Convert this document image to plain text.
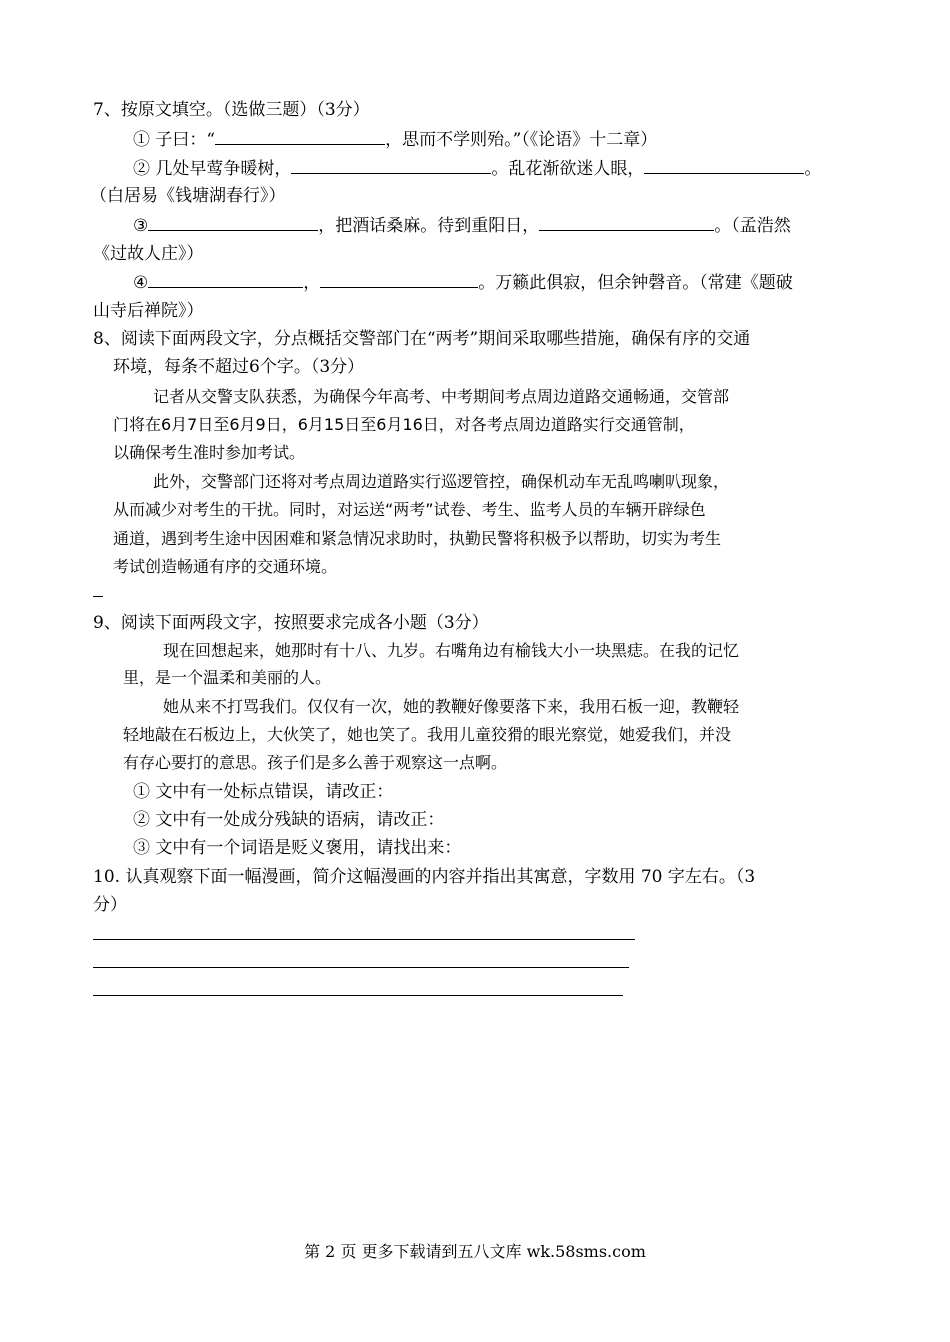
7、按原文填空。（选做三题）（3分）
① 子曰：“	，思而不学则殆。”（《论语》十二章）
② 几处早莺争暖树，	。乱花渐欲迷人眼，	。
（白居易《钱塘湖春行》）
③	，把酒话桑麻。待到重阳日，	。（孟浩然
《过故人庄》）
④	，	。万籁此俱寂，但余钟磬音。（常建《题破
山寺后禅院》）
8、阅读下面两段文字，分点概括交警部门在“两考”期间采取哪些措施，确保有序的交通
环境，每条不超过6个字。（3分）
记者从交警支队获悉，为确保今年高考、中考期间考点周边道路交通畅通，交管部
门将在6月7日至6月9日，6月15日至6月16日，对各考点周边道路实行交通管制，
以确保考生准时参加考试。
此外，交警部门还将对考点周边道路实行巡逻管控，确保机动车无乱鸣喇叭现象，
从而减少对考生的干扰。同时，对运送“两考”试卷、考生、监考人员的车辆开辟绿色
通道，遇到考生途中因困难和紧急情况求助时，执勤民警将积极予以帮助，切实为考生
考试创造畅通有序的交通环境。
9、阅读下面两段文字，按照要求完成各小题（3分）
现在回想起来，她那时有十八、九岁。右嘴角边有榆钱大小一块黑痣。在我的记忆
里，是一个温柔和美丽的人。
她从来不打骂我们。仅仅有一次，她的教鞭好像要落下来，我用石板一迎，教鞭轻
轻地敲在石板边上，大伙笑了，她也笑了。我用儿童狡猾的眼光察觉，她爱我们，并没
有存心要打的意思。孩子们是多么善于观察这一点啊。
① 文中有一处标点错误，请改正：
② 文中有一处成分残缺的语病，请改正：
③ 文中有一个词语是贬义褒用，请找出来：
10. 认真观察下面一幅漫画，简介这幅漫画的内容并指出其寓意，字数用 70 字左右。（3
分）
第 2 页 更多下载请到五八文库 wk.58sms.com
